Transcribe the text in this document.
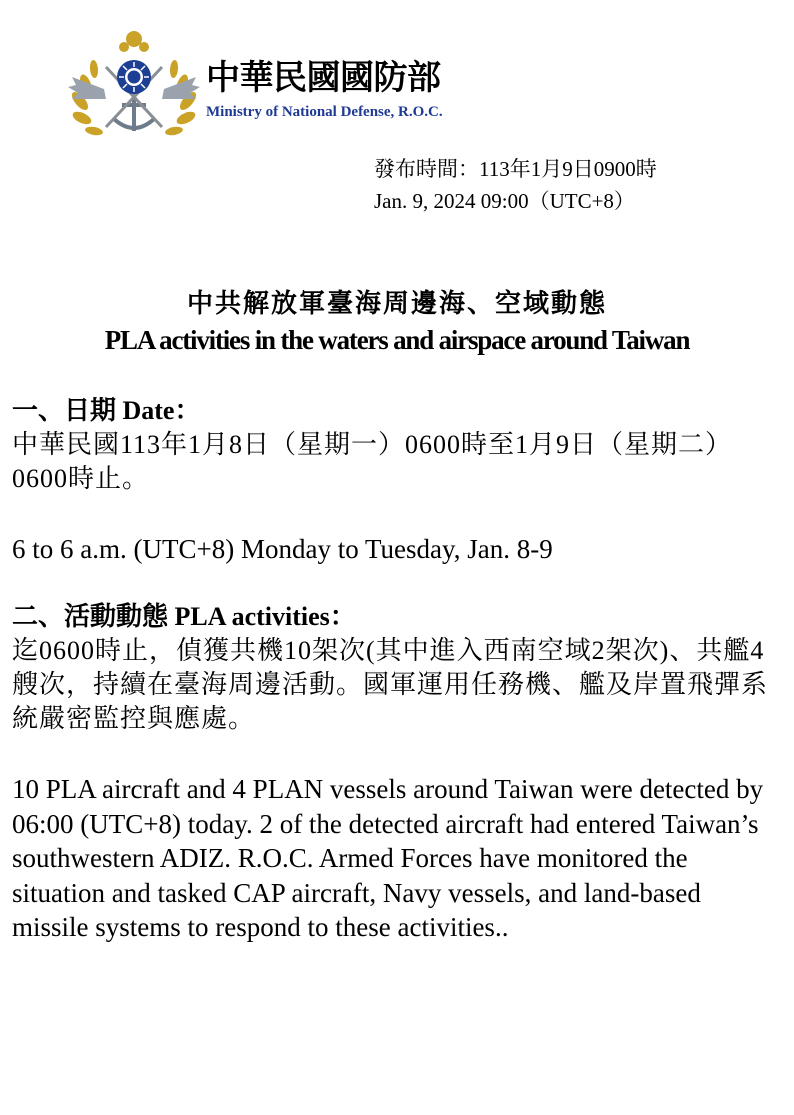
中華民國國防部
Ministry of National Defense, R.O.C.
發布時間：113年1月9日0900時
Jan. 9, 2024 09:00（UTC+8）
中共解放軍臺海周邊海、空域動態
PLA activities in the waters and airspace around Taiwan
一、日期 Date：
中華民國113年1月8日（星期一）0600時至1月9日（星期二）0600時止。
6 to 6 a.m. (UTC+8) Monday to Tuesday, Jan. 8-9
二、活動動態 PLA activities：
迄0600時止，偵獲共機10架次(其中進入西南空域2架次)、共艦4艘次，持續在臺海周邊活動。國軍運用任務機、艦及岸置飛彈系統嚴密監控與應處。
10 PLA aircraft and 4 PLAN vessels around Taiwan were detected by 06:00 (UTC+8) today. 2 of the detected aircraft had entered Taiwan’s southwestern ADIZ. R.O.C. Armed Forces have monitored the situation and tasked CAP aircraft, Navy vessels, and land-based missile systems to respond to these activities..
